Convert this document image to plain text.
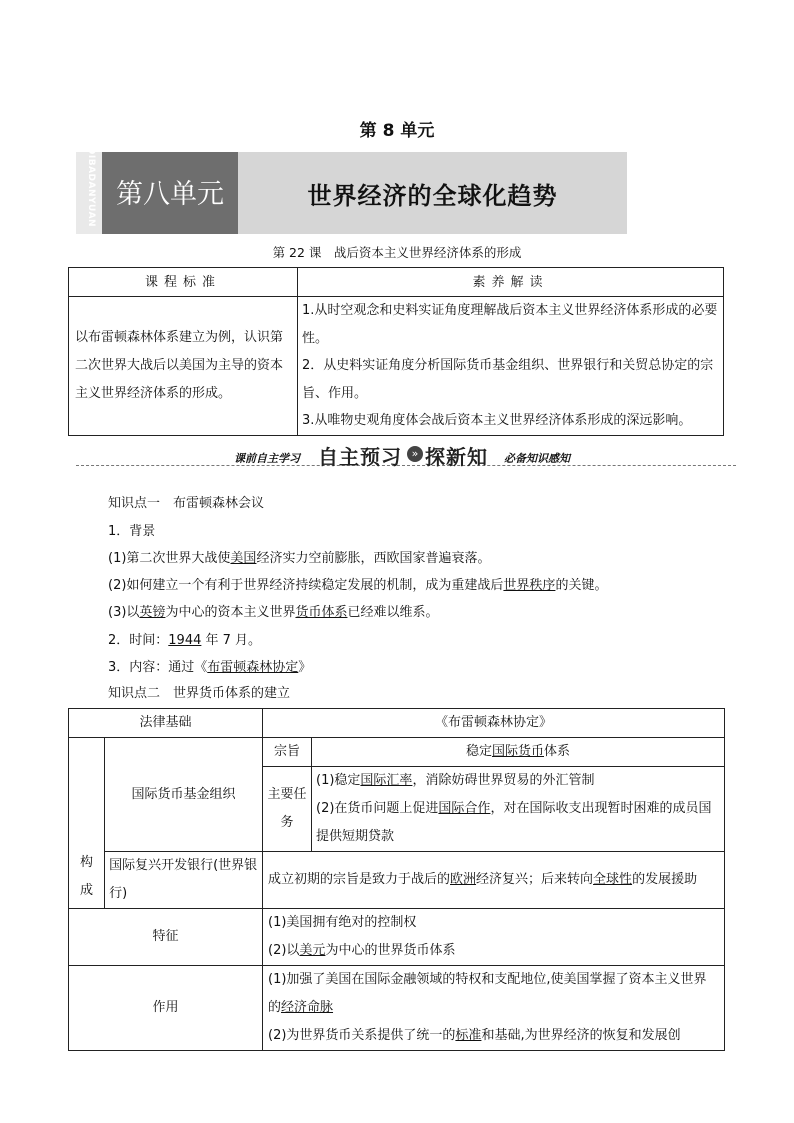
第 8 单元
DIBADANYUAN 第八单元	世界经济的全球化趋势
第 22 课　战后资本主义世界经济体系的形成
课程标准	素养解读
以布雷顿森林体系建立为例，认识第二次世界大战后以美国为主导的资本主义世界经济体系的形成。	1.从时空观念和史料实证角度理解战后资本主义世界经济体系形成的必要性。
2．从史料实证角度分析国际货币基金组织、世界银行和关贸总协定的宗旨、作用。
3.从唯物史观角度体会战后资本主义世界经济体系形成的深远影响。
课前自主学习 自主预习 » 探新知 必备知识感知
知识点一　布雷顿森林会议
1．背景
(1)第二次世界大战使美国经济实力空前膨胀，西欧国家普遍衰落。
(2)如何建立一个有利于世界经济持续稳定发展的机制，成为重建战后世界秩序的关键。
(3)以英镑为中心的资本主义世界货币体系已经难以维系。
2．时间：1944 年 7 月。
3．内容：通过《布雷顿森林协定》
知识点二　世界货币体系的建立
法律基础		《布雷顿森林协定》	

构成	国际货币基金组织	宗旨	稳定国际货币体系
		主要任务	(1)稳定国际汇率，消除妨碍世界贸易的外汇管制
(2)在货币问题上促进国际合作，对在国际收支出现暂时困难的成员国提供短期贷款

	国际复兴开发银行(世界银行)	成立初期的宗旨是致力于战后的欧洲经济复兴；后来转向全球性的发展援助	
特征		(1)美国拥有绝对的控制权
(2)以美元为中心的世界货币体系	

作用		(1)加强了美国在国际金融领域的特权和支配地位,使美国掌握了资本主义世界的经济命脉
(2)为世界货币关系提供了统一的标准和基础,为世界经济的恢复和发展创	
